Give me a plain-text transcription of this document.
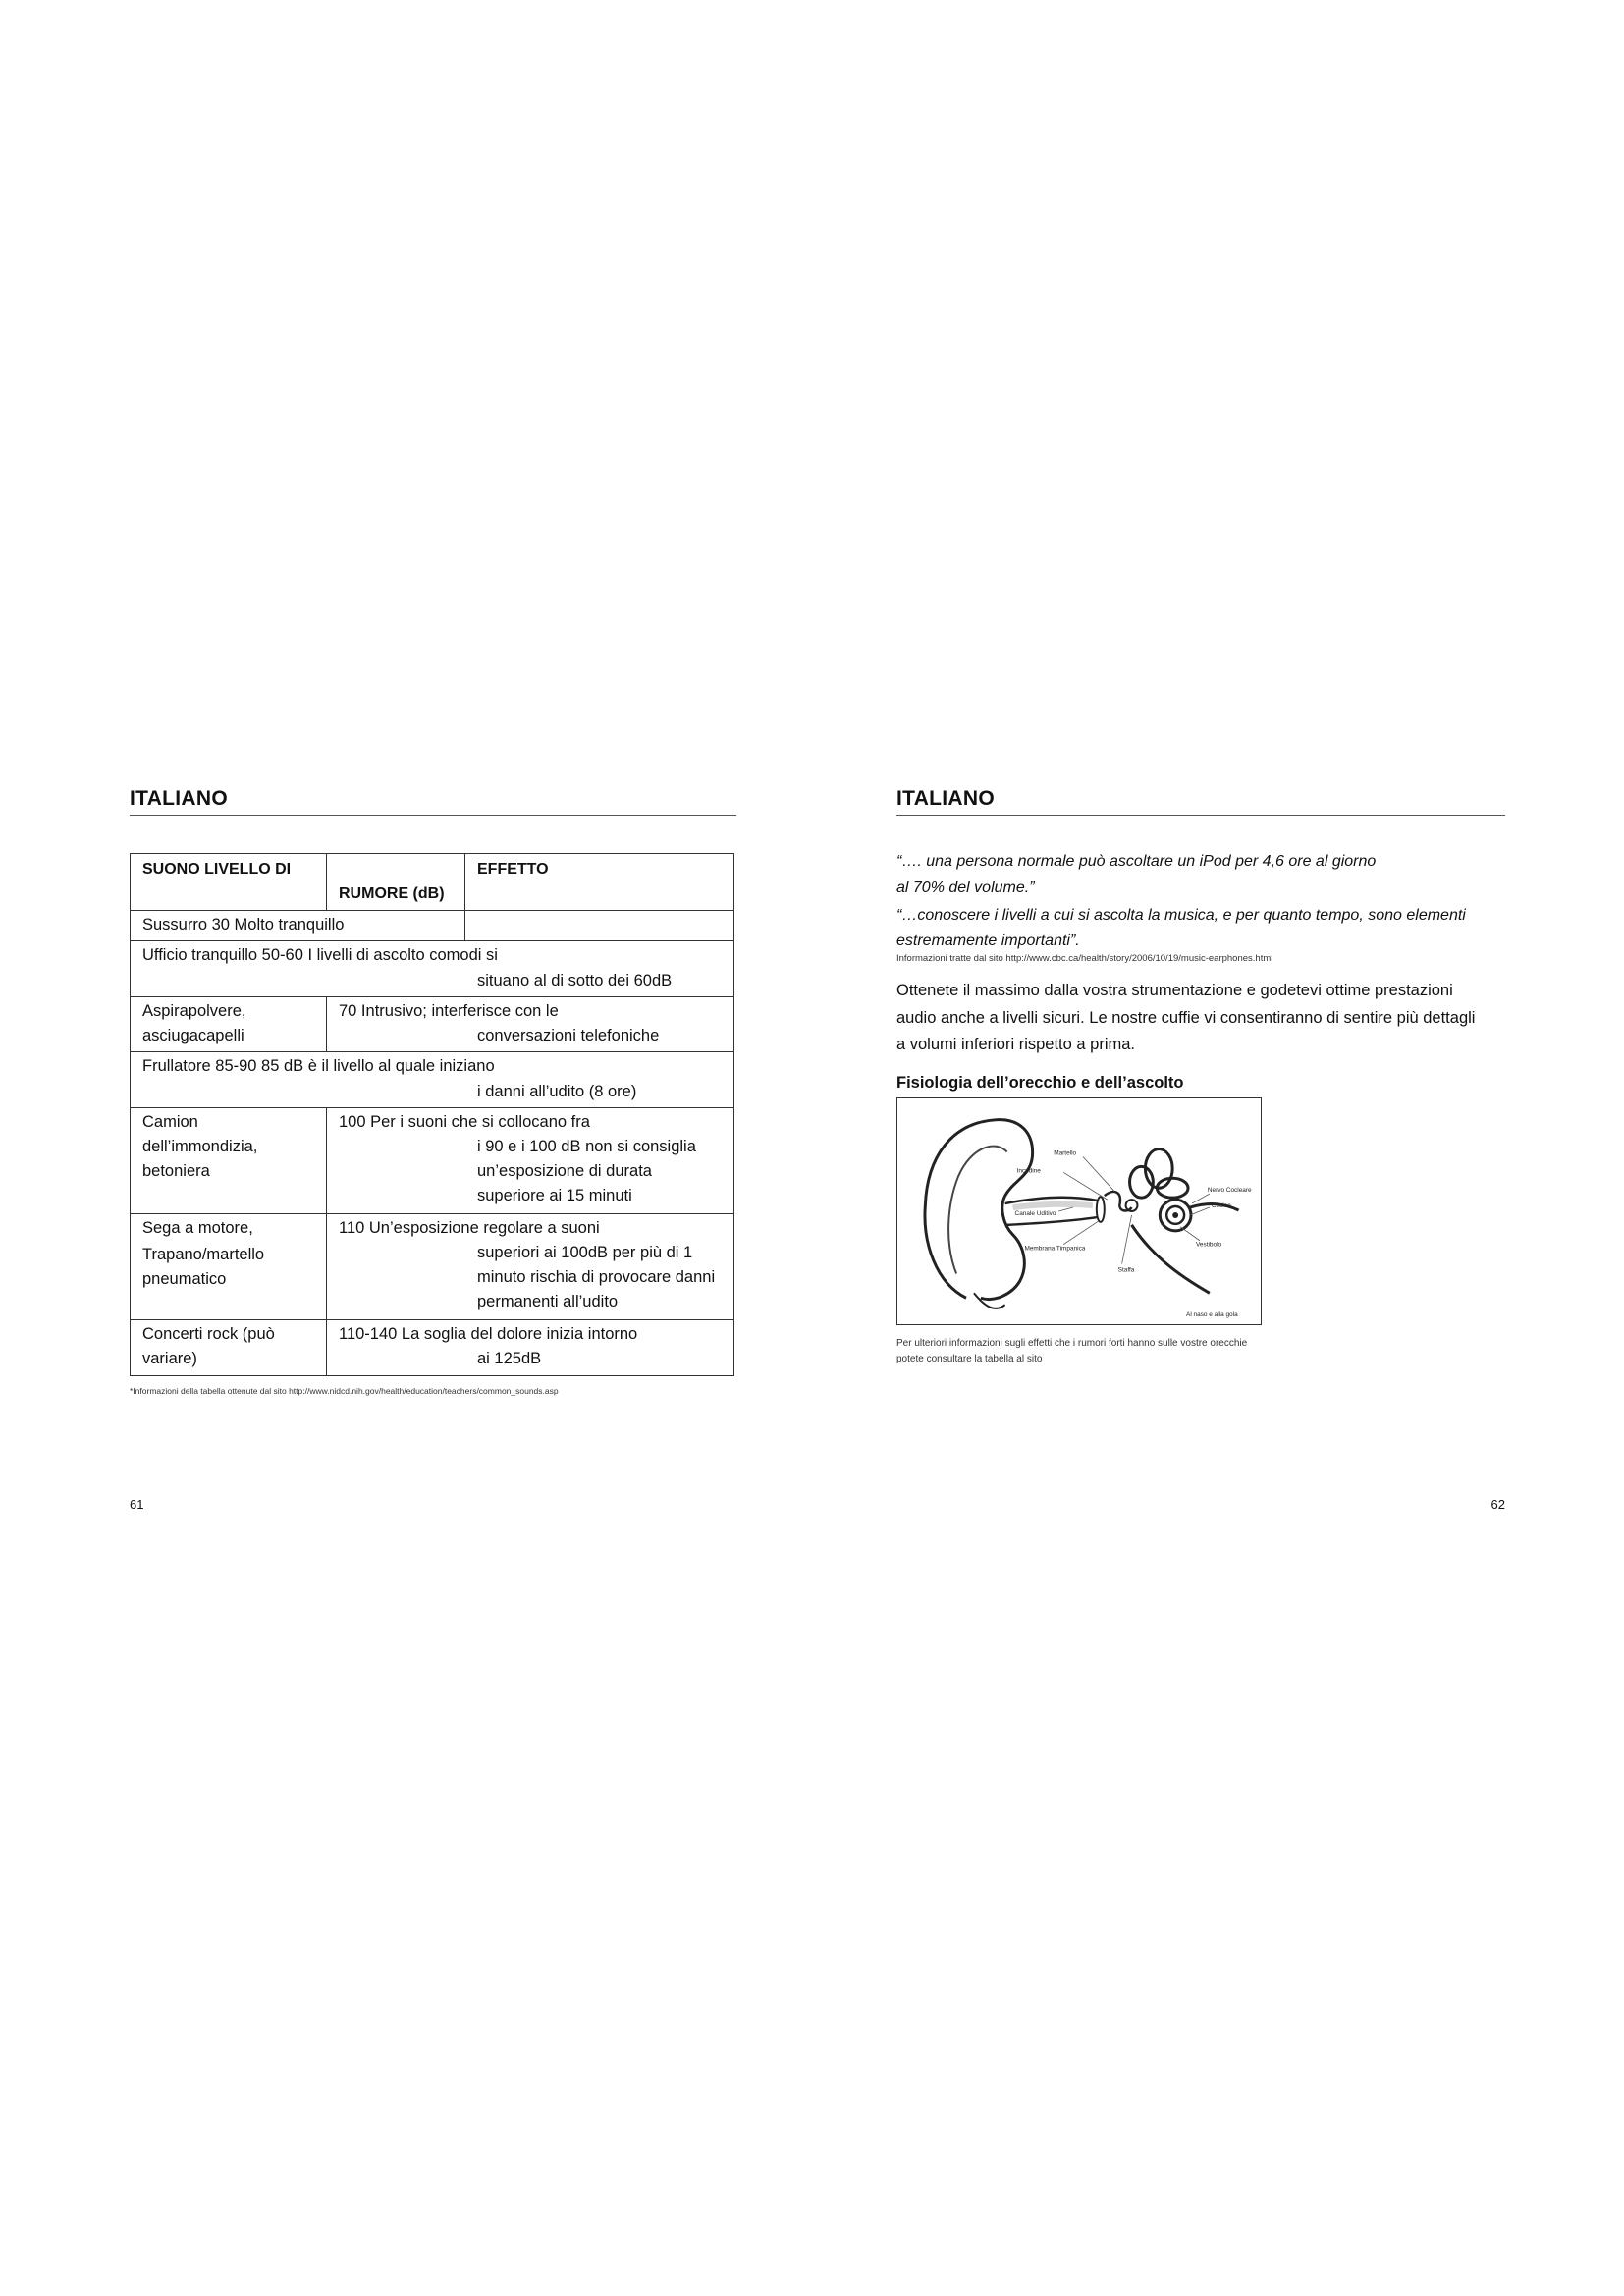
ITALIANO
SUONO LIVELLO DI
RUMORE (dB)
EFFETTO
Sussurro 30 Molto tranquillo
Ufficio tranquillo 50-60 I livelli di ascolto comodi si
situano al di sotto dei 60dB
Aspirapolvere,
asciugacapelli
70 Intrusivo; interferisce con le
conversazioni telefoniche
Frullatore 85-90 85 dB è il livello al quale iniziano
i danni all’udito (8 ore)
Camion
dell’immondizia,
betoniera
100 Per i suoni che si collocano fra
i 90 e i 100 dB non si consiglia
un’esposizione di durata
superiore ai 15 minuti
Sega a motore,
Trapano/martello
pneumatico
110 Un’esposizione regolare a suoni
superiori ai 100dB per più di 1
minuto rischia di provocare danni
permanenti all’udito
Concerti rock (può
variare)
110-140 La soglia del dolore inizia intorno
ai 125dB
*Informazioni della tabella ottenute dal sito http://www.nidcd.nih.gov/health/education/teachers/common_sounds.asp
61
ITALIANO
“…. una persona normale può ascoltare un iPod per 4,6 ore al giorno
al 70% del volume.”
“…conoscere i livelli a cui si ascolta la musica, e per quanto tempo, sono elementi
estremamente importanti”.
Informazioni tratte dal sito http://www.cbc.ca/health/story/2006/10/19/music-earphones.html
Ottenete il massimo dalla vostra strumentazione e godetevi ottime prestazioni
audio anche a livelli sicuri. Le nostre cuffie vi consentiranno di sentire più dettagli
a volumi inferiori rispetto a prima.
Fisiologia dell’orecchio e dell’ascolto
Martello
Incudine
Canale Uditivo
Membrana Timpanica
Staffa
Nervo Cocleare
Coclea
Vestibolo
Al naso e alla gola
Per ulteriori informazioni sugli effetti che i rumori forti hanno sulle vostre orecchie
potete consultare la tabella al sito
62
